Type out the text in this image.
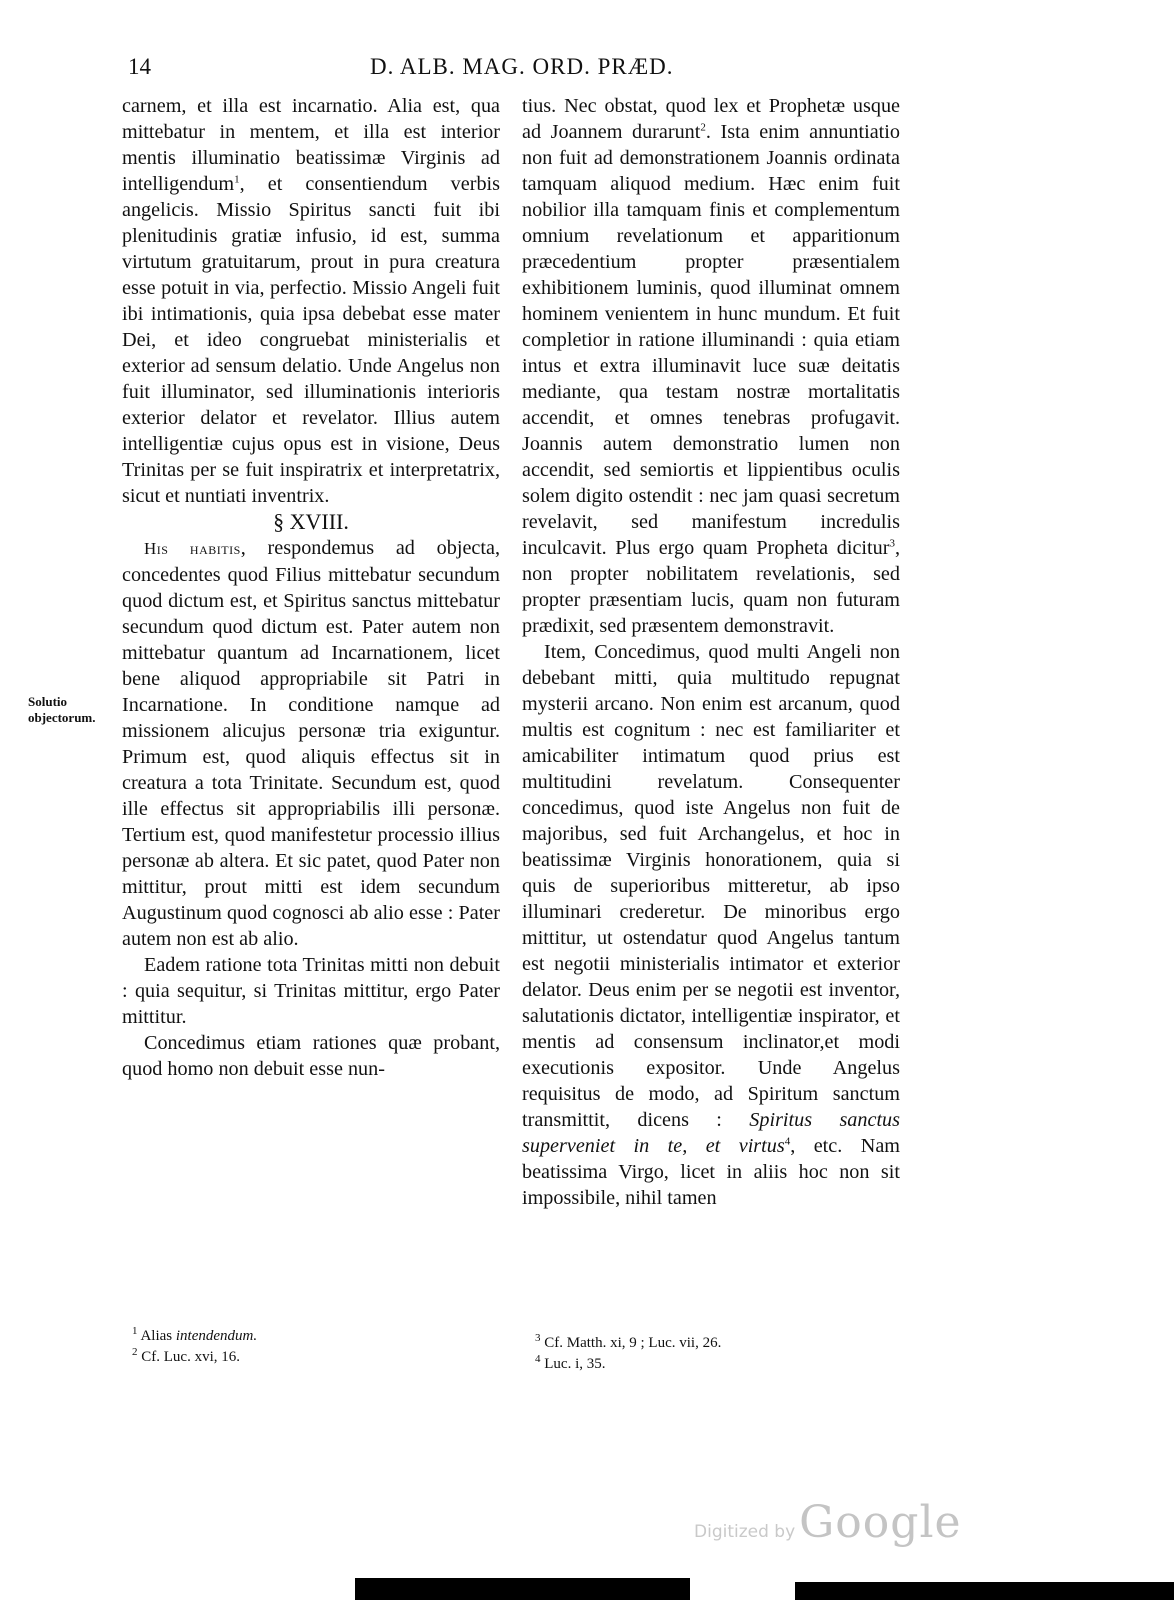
14	D. ALB. MAG. ORD. PRÆD.
Solutio objectorum.

carnem, et illa est incarnatio. Alia est, qua mittebatur in mentem, et illa est interior mentis illuminatio beatissimæ Virginis ad intelligendum$^1$, et consentiendum verbis angelicis. Missio Spiritus sancti fuit ibi plenitudinis gratiæ infusio, id est, summa virtutum gratuitarum, prout in pura creatura esse potuit in via, perfectio. Missio Angeli fuit ibi intimationis, quia ipsa debebat esse mater Dei, et ideo congruebat ministerialis et exterior ad sensum delatio. Unde Angelus non fuit illuminator, sed illuminationis interioris exterior delator et revelator. Illius autem intelligentiæ cujus opus est in visione, Deus Trinitas per se fuit inspiratrix et interpretatrix, sicut et nuntiati inventrix.

§ XVIII.

His habitis, respondemus ad objecta, concedentes quod Filius mittebatur secundum quod dictum est, et Spiritus sanctus mittebatur secundum quod dictum est. Pater autem non mittebatur quantum ad Incarnationem, licet bene aliquod appropriabile sit Patri in Incarnatione. In conditione namque ad missionem alicujus personæ tria exiguntur. Primum est, quod aliquis effectus sit in creatura a tota Trinitate. Secundum est, quod ille effectus sit appropriabilis illi personæ. Tertium est, quod manifestetur processio illius personæ ab altera. Et sic patet, quod Pater non mittitur, prout mitti est idem secundum Augustinum quod cognosci ab alio esse : Pater autem non est ab alio.

Eadem ratione tota Trinitas mitti non debuit : quia sequitur, si Trinitas mittitur, ergo Pater mittitur.

Concedimus etiam rationes quæ probant, quod homo non debuit esse nun-

tius. Nec obstat, quod lex et Prophetæ usque ad Joannem durarunt$^2$. Ista enim annuntiatio non fuit ad demonstrationem Joannis ordinata tamquam aliquod medium. Hæc enim fuit nobilior illa tamquam finis et complementum omnium revelationum et apparitionum præcedentium propter præsentialem exhibitionem luminis, quod illuminat omnem hominem venientem in hunc mundum. Et fuit completior in ratione illuminandi : quia etiam intus et extra illuminavit luce suæ deitatis mediante, qua testam nostræ mortalitatis accendit, et omnes tenebras profugavit. Joannis autem demonstratio lumen non accendit, sed semiortis et lippientibus oculis solem digito ostendit : nec jam quasi secretum revelavit, sed manifestum incredulis inculcavit. Plus ergo quam Propheta dicitur$^3$, non propter nobilitatem revelationis, sed propter præsentiam lucis, quam non futuram prædixit, sed præsentem demonstravit.

Item, Concedimus, quod multi Angeli non debebant mitti, quia multitudo repugnat mysterii arcano. Non enim est arcanum, quod multis est cognitum : nec est familiariter et amicabiliter intimatum quod prius est multitudini revelatum. Consequenter concedimus, quod iste Angelus non fuit de majoribus, sed fuit Archangelus, et hoc in beatissimæ Virginis honorationem, quia si quis de superioribus mitteretur, ab ipso illuminari crederetur. De minoribus ergo mittitur, ut ostendatur quod Angelus tantum est negotii ministerialis intimator et exterior delator. Deus enim per se negotii est inventor, salutationis dictator, intelligentiæ inspirator, et mentis ad consensum inclinator,et modi executionis expositor. Unde Angelus requisitus de modo, ad Spiritum sanctum transmittit, dicens : Spiritus sanctus superveniet in te, et virtus$^4$, etc. Nam beatissima Virgo, licet in aliis hoc non sit impossibile, nihil tamen

$^1$ Alias intendendum.
$^2$ Cf. Luc. xvi, 16.
$^3$ Cf. Matth. xi, 9 ; Luc. vii, 26.
$^4$ Luc. i, 35.
Digitized by Google
